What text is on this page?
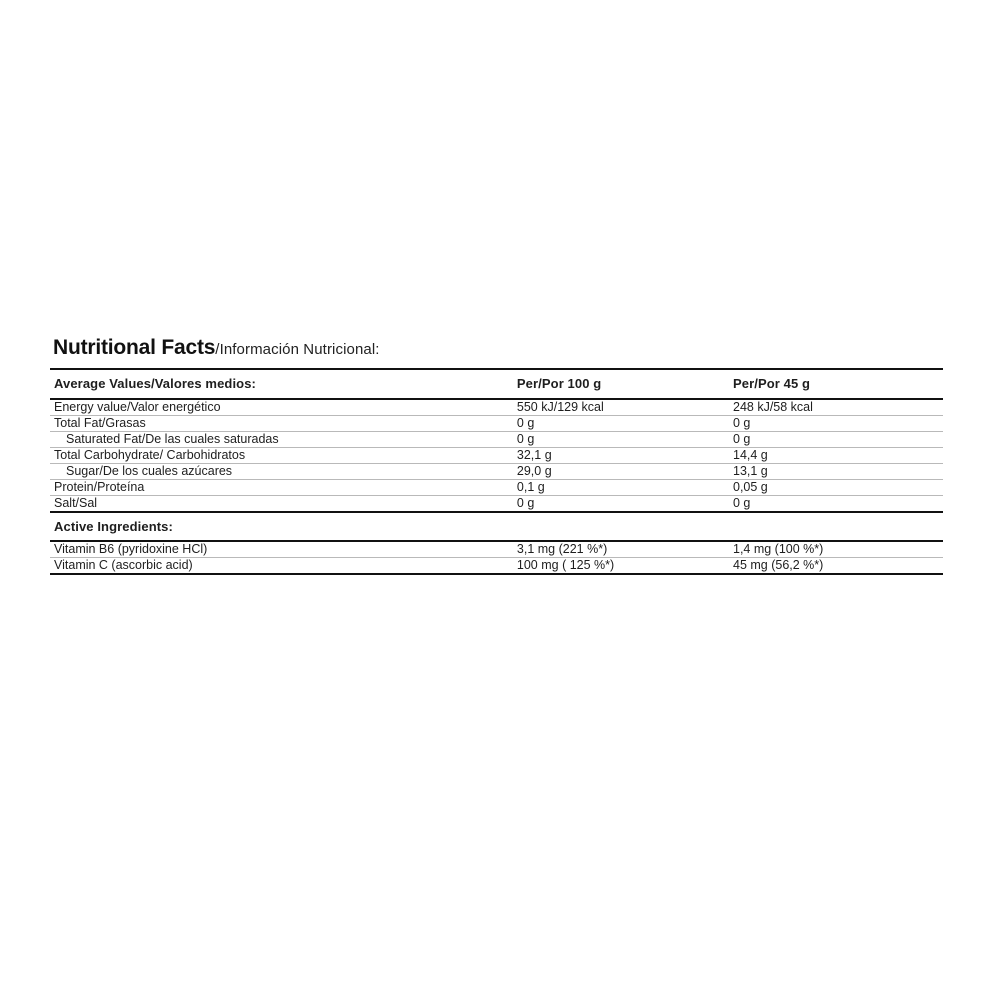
Nutritional Facts /Información Nutricional:
Average Values/Valores medios:	Per/Por 100 g	Per/Por 45 g
Energy value/Valor energético	550 kJ/129 kcal	248 kJ/58 kcal
Total Fat/Grasas	0 g	0 g
Saturated Fat/De las cuales saturadas	0 g	0 g
Total Carbohydrate/ Carbohidratos	32,1 g	14,4 g
Sugar/De los cuales azúcares	29,0 g	13,1 g
Protein/Proteína	0,1 g	0,05 g
Salt/Sal	0 g	0 g
Active Ingredients:		
Vitamin B6 (pyridoxine HCl)	3,1 mg (221 %*)	1,4 mg (100 %*)
Vitamin C (ascorbic acid)	100 mg ( 125 %*)	45 mg (56,2 %*)
